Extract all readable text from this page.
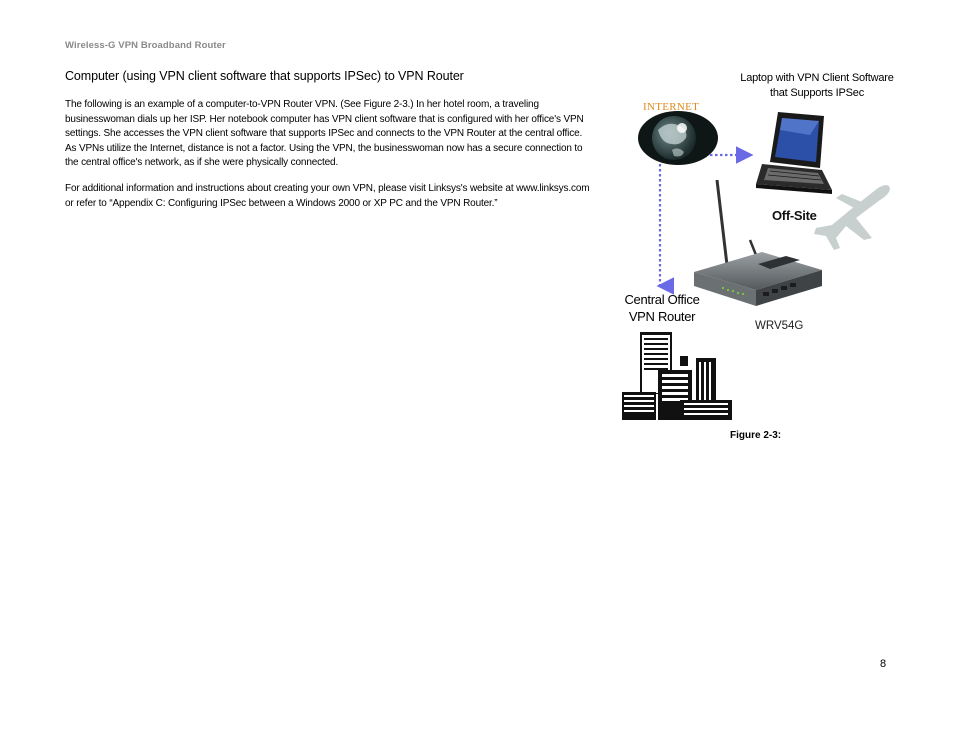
Wireless-G VPN Broadband Router
Computer (using VPN client software that supports IPSec) to VPN Router

The following is an example of a computer-to-VPN Router VPN. (See Figure 2-3.) In her hotel room, a traveling businesswoman dials up her ISP. Her notebook computer has VPN client software that is configured with her office's VPN settings. She accesses the VPN client software that supports IPSec and connects to the VPN Router at the central office. As VPNs utilize the Internet, distance is not a factor. Using the VPN, the businesswoman now has a secure connection to the central office's network, as if she were physically connected.

For additional information and instructions about creating your own VPN, please visit Linksys's website at www.linksys.com or refer to “Appendix C: Configuring IPSec between a Windows 2000 or XP PC and the VPN Router.”

Laptop with VPN Client Software
that Supports IPSec
INTERNET
Off-Site
Central Office
VPN Router
WRV54G
Figure 2-3:
8
